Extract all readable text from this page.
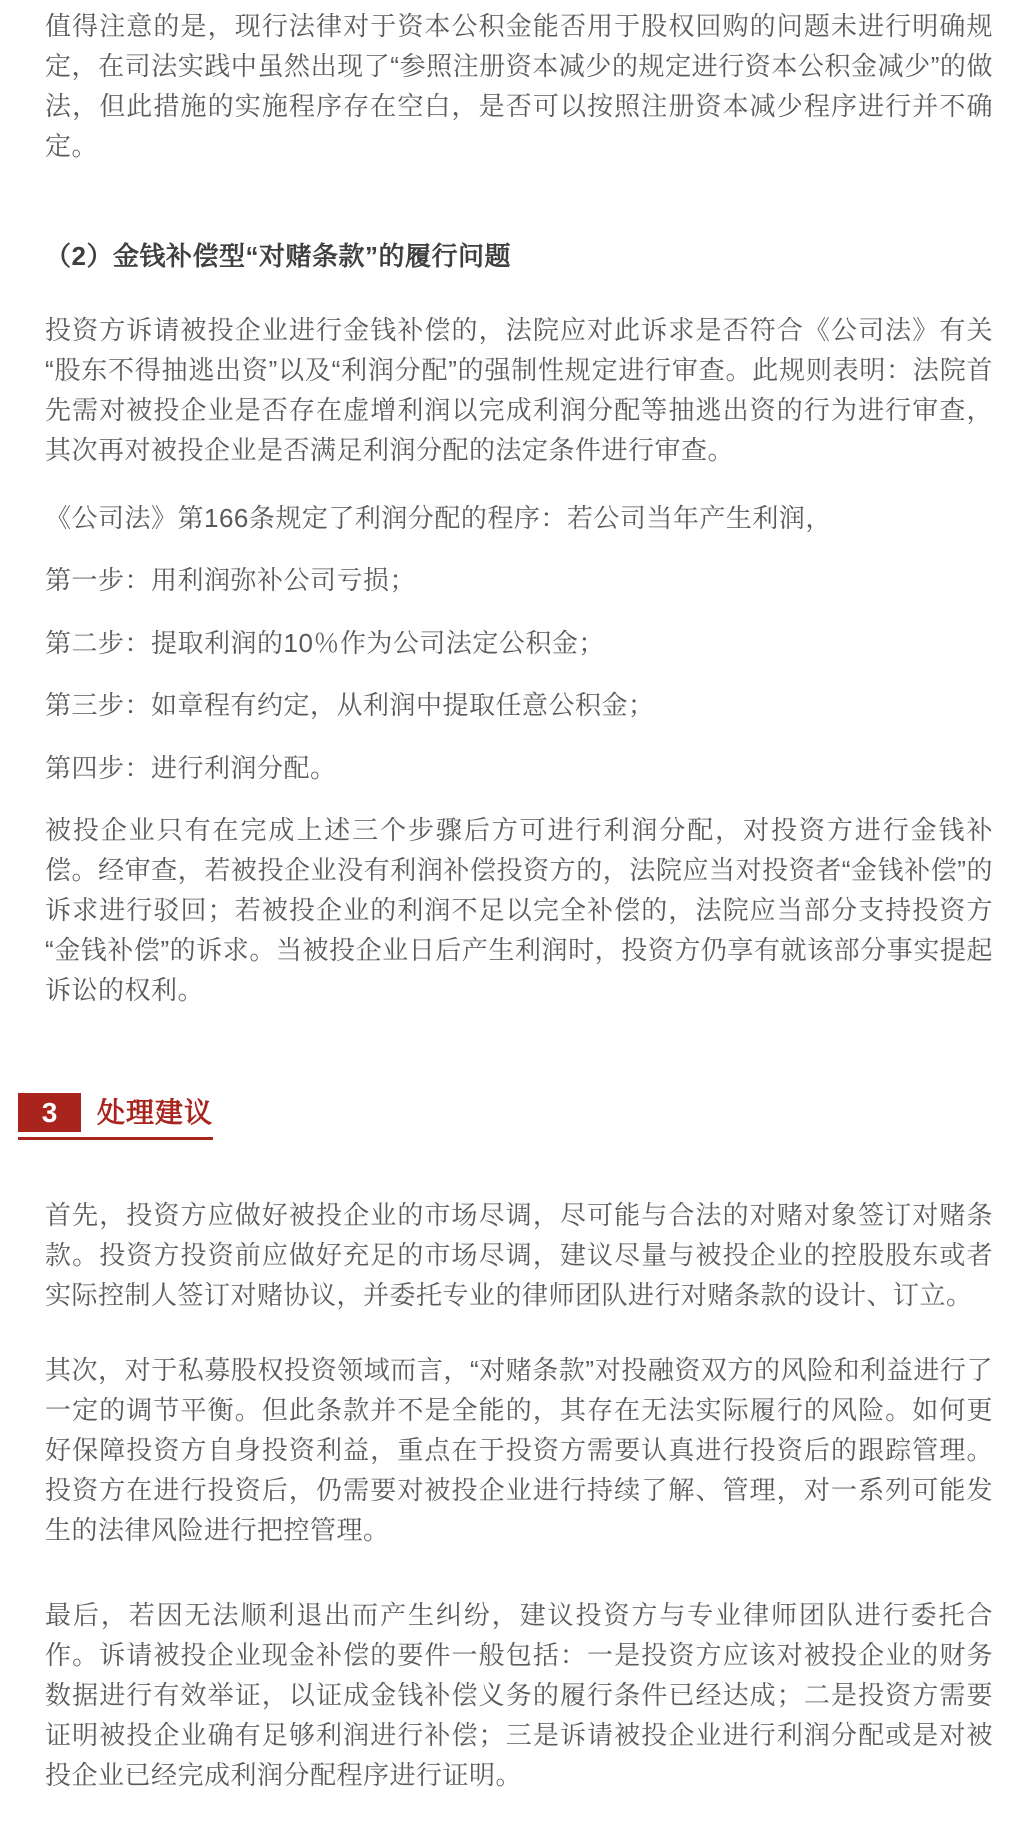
值得注意的是，现行法律对于资本公积金能否用于股权回购的问题未进行明确规定，在司法实践中虽然出现了“参照注册资本减少的规定进行资本公积金减少”的做法，但此措施的实施程序存在空白，是否可以按照注册资本减少程序进行并不确定。

（2）金钱补偿型“对赌条款”的履行问题

投资方诉请被投企业进行金钱补偿的，法院应对此诉求是否符合《公司法》有关“股东不得抽逃出资”以及“利润分配”的强制性规定进行审查。此规则表明：法院首先需对被投企业是否存在虚增利润以完成利润分配等抽逃出资的行为进行审查，其次再对被投企业是否满足利润分配的法定条件进行审查。

《公司法》第166条规定了利润分配的程序：若公司当年产生利润，

第一步：用利润弥补公司亏损；

第二步：提取利润的10％作为公司法定公积金；

第三步：如章程有约定，从利润中提取任意公积金；

第四步：进行利润分配。

被投企业只有在完成上述三个步骤后方可进行利润分配，对投资方进行金钱补偿。经审查，若被投企业没有利润补偿投资方的，法院应当对投资者“金钱补偿”的诉求进行驳回；若被投企业的利润不足以完全补偿的，法院应当部分支持投资方“金钱补偿”的诉求。当被投企业日后产生利润时，投资方仍享有就该部分事实提起诉讼的权利。

3	处理建议

首先，投资方应做好被投企业的市场尽调，尽可能与合法的对赌对象签订对赌条款。投资方投资前应做好充足的市场尽调，建议尽量与被投企业的控股股东或者实际控制人签订对赌协议，并委托专业的律师团队进行对赌条款的设计、订立。

其次，对于私募股权投资领域而言，“对赌条款”对投融资双方的风险和利益进行了一定的调节平衡。但此条款并不是全能的，其存在无法实际履行的风险。如何更好保障投资方自身投资利益，重点在于投资方需要认真进行投资后的跟踪管理。投资方在进行投资后，仍需要对被投企业进行持续了解、管理，对一系列可能发生的法律风险进行把控管理。

最后，若因无法顺利退出而产生纠纷，建议投资方与专业律师团队进行委托合作。诉请被投企业现金补偿的要件一般包括：一是投资方应该对被投企业的财务数据进行有效举证，以证成金钱补偿义务的履行条件已经达成；二是投资方需要证明被投企业确有足够利润进行补偿；三是诉请被投企业进行利润分配或是对被投企业已经完成利润分配程序进行证明。
